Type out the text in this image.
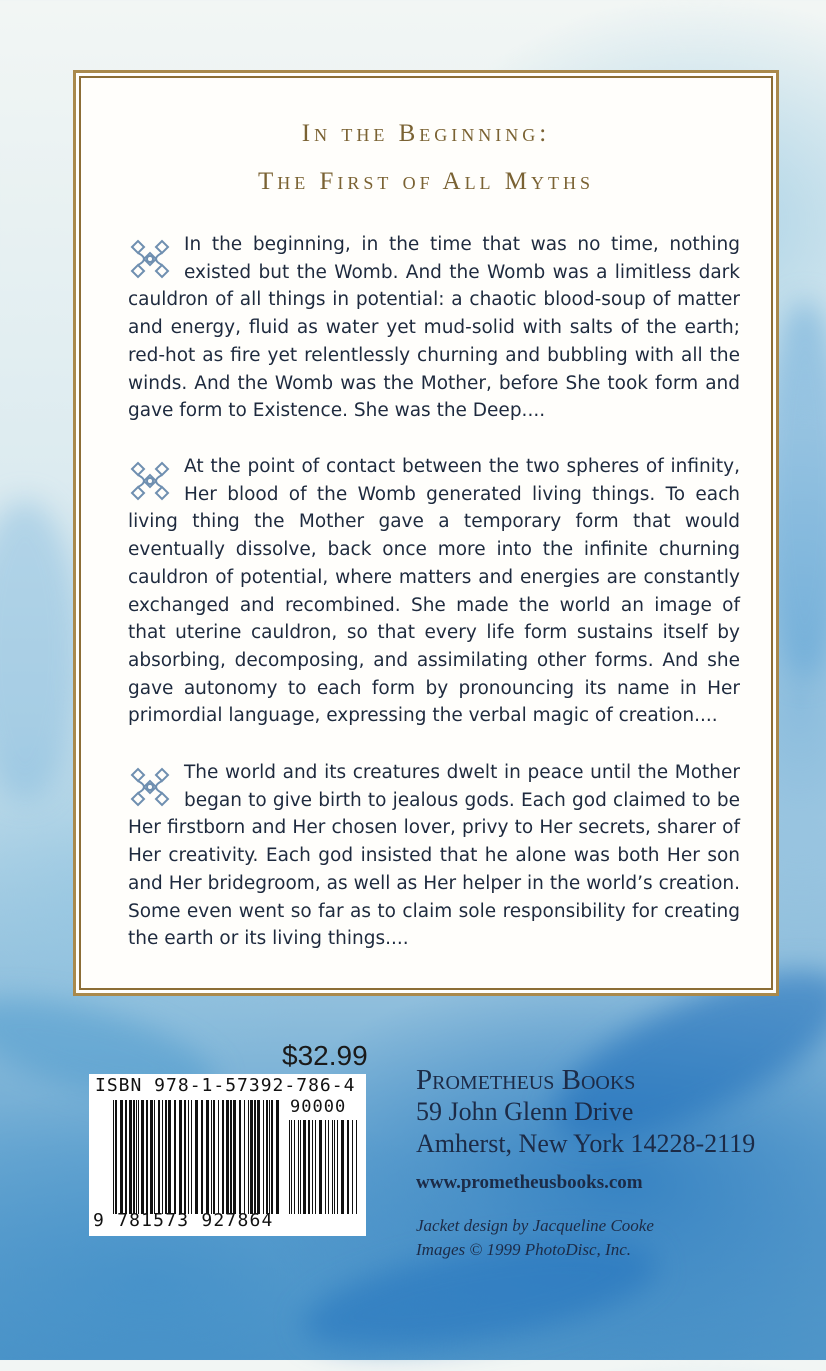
In the Beginning:
The First of All Myths

In the beginning, in the time that was no time, nothing existed but the Womb. And the Womb was a limitless dark cauldron of all things in potential: a chaotic blood-soup of matter and energy, fluid as water yet mud-solid with salts of the earth; red-hot as fire yet relentlessly churning and bubbling with all the winds. And the Womb was the Mother, before She took form and gave form to Existence. She was the Deep....

At the point of contact between the two spheres of infinity, Her blood of the Womb generated living things. To each living thing the Mother gave a temporary form that would eventually dissolve, back once more into the infinite churning cauldron of potential, where matters and energies are constantly exchanged and recombined. She made the world an image of that uterine cauldron, so that every life form sustains itself by absorbing, decomposing, and assimilating other forms. And she gave autonomy to each form by pronouncing its name in Her primordial language, expressing the verbal magic of creation....

The world and its creatures dwelt in peace until the Mother began to give birth to jealous gods. Each god claimed to be Her firstborn and Her chosen lover, privy to Her secrets, sharer of Her creativity. Each god insisted that he alone was both Her son and Her bridegroom, as well as Her helper in the world’s creation. Some even went so far as to claim sole responsibility for creating the earth or its living things....

$32.99
ISBN 978-1-57392-786-4
90000
9 781573 927864
Prometheus Books
59 John Glenn Drive
Amherst, New York 14228-2119
www.prometheusbooks.com
Jacket design by Jacqueline Cooke
Images © 1999 PhotoDisc, Inc.
